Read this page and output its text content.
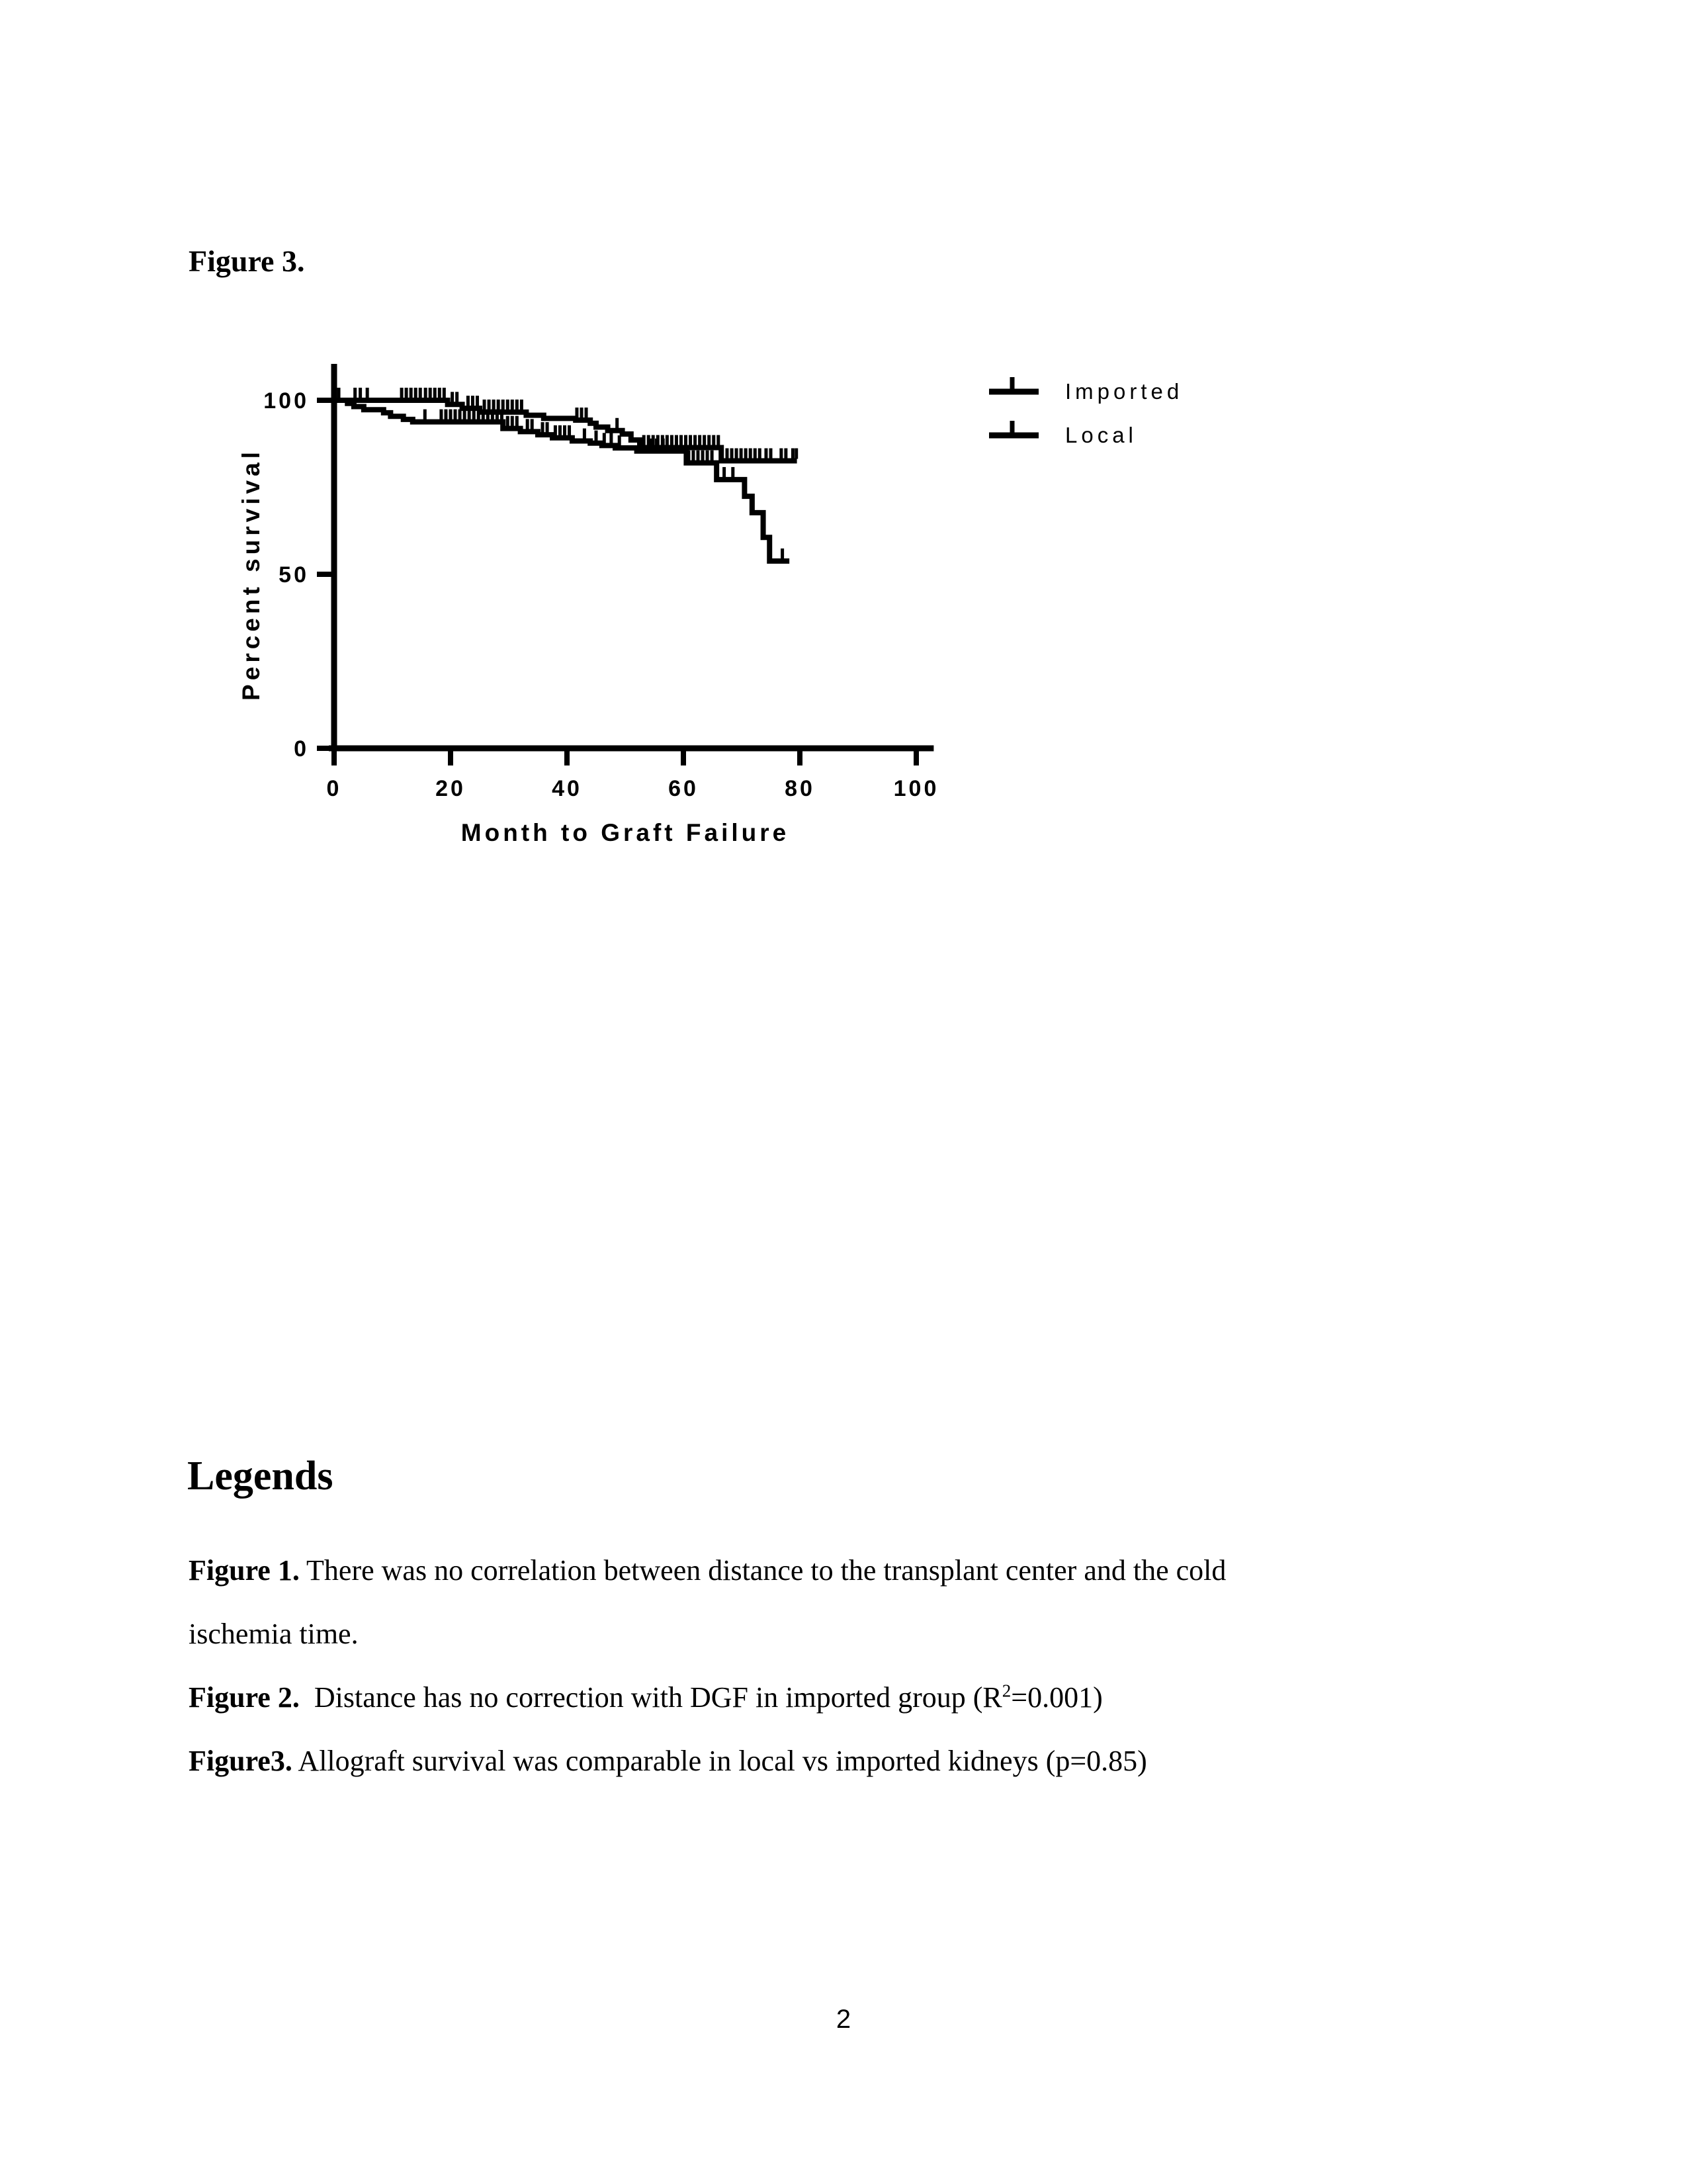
Figure 3.
0
50
100
0	20	40	60	80	100
Month to Graft Failure
Percent survival
Imported
Local
Legends
Figure 1. There was no correlation between distance to the transplant center and the cold
ischemia time.
Figure 2.  Distance has no correction with DGF in imported group $(R^2=0.001)$
Figure3. Allograft survival was comparable in local vs imported kidneys (p=0.85)
2
